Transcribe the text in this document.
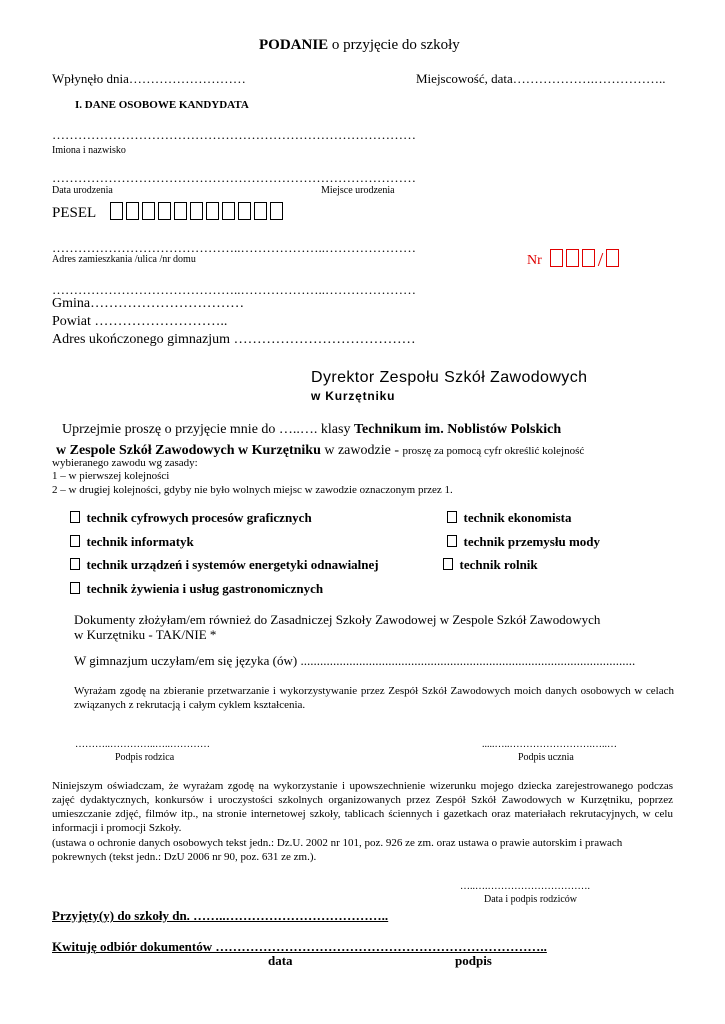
PODANIE o przyjęcie do szkoły
Wpłynęło dnia………………………	Miejscowość, data……………….……………..
I. DANE OSOBOWE KANDYDATA
…………………………………………………………………………
Imiona i nazwisko
…………………………………………………………………………
Data urodzenia	Miejsce urodzenia
PESEL
……………………………………..………………..…………………
Adres zamieszkania /ulica /nr domu	Nr	/
……………………………………..………………..…………………
Gmina……………………………
Powiat ………………………..
Adres ukończonego gimnazjum …………………………………
Dyrektor Zespołu Szkół Zawodowych
w Kurzętniku
Uprzejmie proszę o przyjęcie mnie do …..…. klasy Technikum im. Noblistów Polskich
w Zespole Szkół Zawodowych w Kurzętniku w zawodzie - proszę za pomocą cyfr określić kolejność
wybieranego zawodu wg zasady:
1 – w pierwszej kolejności
2 – w drugiej kolejności, gdyby nie było wolnych miejsc w zawodzie oznaczonym przez 1.
technik cyfrowych procesów graficznych	technik ekonomista
technik informatyk	technik przemysłu mody
technik urządzeń i systemów energetyki odnawialnej	technik rolnik
technik żywienia i usług gastronomicznych
Dokumenty złożyłam/em również do Zasadniczej Szkoły Zawodowej w Zespole Szkół Zawodowych
w Kurzętniku - TAK/NIE *
W gimnazjum uczyłam/em się języka (ów) .......................................................................................................
Wyrażam zgodę na zbieranie przetwarzanie i wykorzystywanie przez Zespół Szkół Zawodowych moich danych osobowych w celach związanych z rekrutacją i całym cyklem kształcenia.
………..…………..…..…………
Podpis rodzica
.....…..…………………….…..…
Podpis ucznia
Niniejszym oświadczam, że wyrażam zgodę na wykorzystanie i upowszechnienie wizerunku mojego dziecka zarejestrowanego podczas zajęć dydaktycznych, konkursów i uroczystości szkolnych organizowanych przez Zespół Szkół Zawodowych w Kurzętniku, poprzez umieszczanie zdjęć, filmów itp., na stronie internetowej szkoły, tablicach ściennych i gazetkach oraz materiałach rekrutacyjnych, w celu informacji i promocji Szkoły.
(ustawa o ochronie danych osobowych tekst jedn.: Dz.U. 2002 nr 101, poz. 926 ze zm. oraz ustawa o prawie autorskim i prawach pokrewnych (tekst jedn.: DzU 2006 nr 90, poz. 631 ze zm.).
…..….………………………….
Data i podpis rodziców
Przyjęty(y) do szkoły dn. ……..………………………………..
Kwituję odbiór dokumentów …………………………………………………………………..
data	podpis
